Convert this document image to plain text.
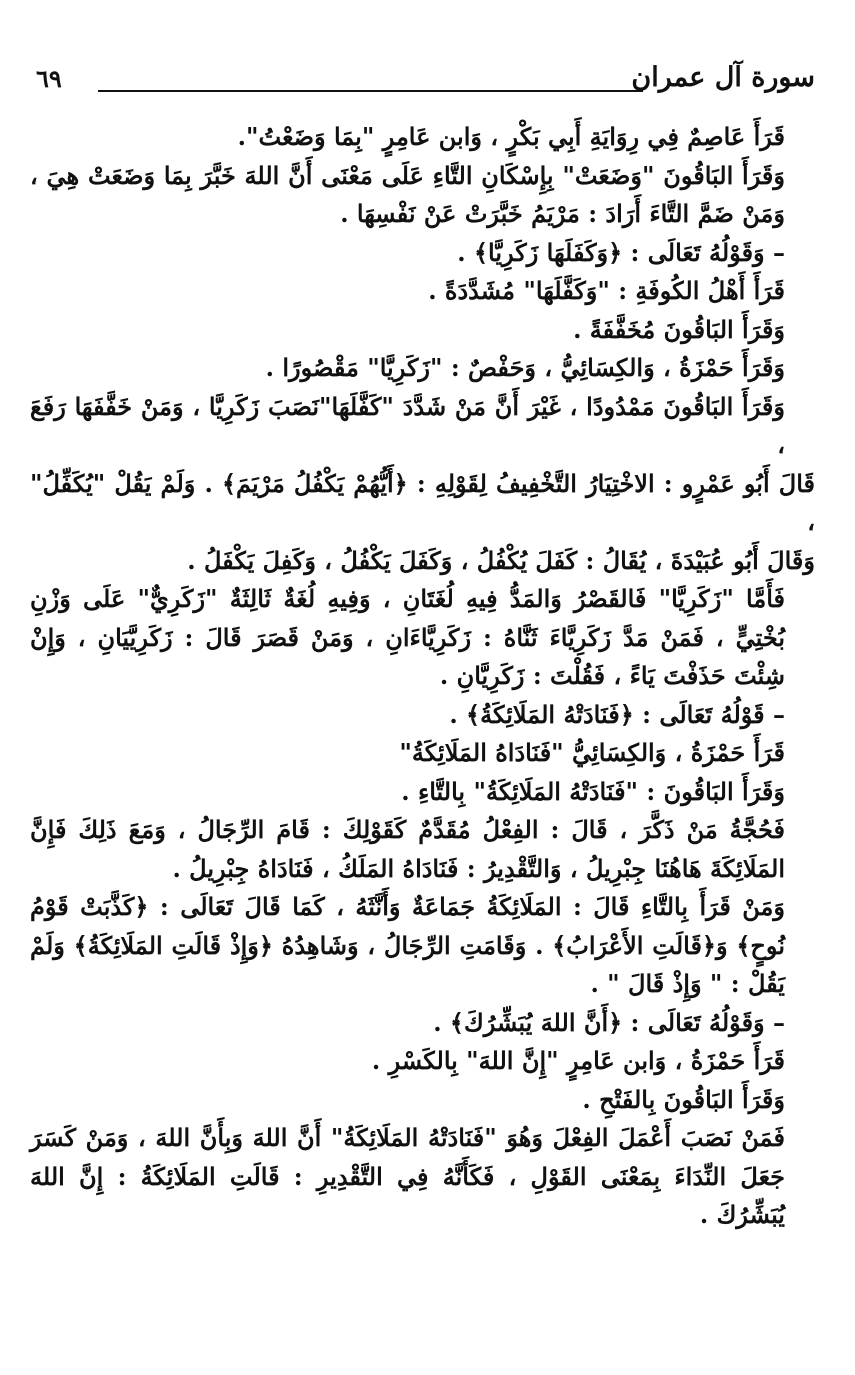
سورة آل عمران
٦٩

قَرَأَ عَاصِمٌ فِي رِوَايَةِ أَبِي بَكْرٍ ، وَابن عَامِرٍ "بِمَا وَضَعْتُ".

وَقَرَأَ البَاقُونَ "وَضَعَتْ" بِإِسْكَانِ التَّاءِ عَلَى مَعْنَى أَنَّ اللهَ خَبَّرَ بِمَا وَضَعَتْ هِيَ ، وَمَنْ ضَمَّ التَّاءَ أَرَادَ : مَرْيَمُ خَبَّرَتْ عَنْ نَفْسِهَا .

– وَقَوْلُهُ تَعَالَى : ﴿وَكَفَلَهَا زَكَرِيَّا﴾ .

قَرَأَ أَهْلُ الكُوفَةِ : "وَكَفَّلَهَا" مُشَدَّدَةً .

وَقَرَأَ البَاقُونَ مُخَفَّفَةً .

وَقَرَأَ حَمْزَةُ ، وَالكِسَائِيُّ ، وَحَفْصٌ : "زَكَرِيَّا" مَقْصُورًا .

وَقَرَأَ البَاقُونَ مَمْدُودًا ، غَيْرَ أَنَّ مَنْ شَدَّدَ "كَفَّلَهَا"نَصَبَ زَكَرِيَّا ، وَمَنْ خَفَّفَهَا رَفَعَ ،

قَالَ أَبُو عَمْرٍو : الاخْتِيَارُ التَّخْفِيفُ لِقَوْلِهِ : ﴿أَيُّهُمْ يَكْفُلُ مَرْيَمَ﴾ . وَلَمْ يَقُلْ "يُكَفِّلُ" ،

وَقَالَ أَبُو عُبَيْدَةَ ، يُقَالُ : كَفَلَ يُكْفُلُ ، وَكَفَلَ يَكْفُلُ ، وَكَفِلَ يَكْفَلُ .

فَأَمَّا "زَكَرِيَّا" فَالقَصْرُ وَالمَدُّ فِيهِ لُغَتَانِ ، وَفِيهِ لُغَةٌ ثَالِثَةٌ "زَكَرِيٌّ" عَلَى وَزْنِ بُخْتِيٍّ ، فَمَنْ مَدَّ زَكَرِيَّاءَ ثَنَّاهُ : زَكَرِيَّاءَانِ ، وَمَنْ قَصَرَ قَالَ : زَكَرِيَّيَانِ ، وَإِنْ شِئْتَ حَذَفْتَ يَاءً ، فَقُلْتَ : زَكَرِيَّانِ .

– قَوْلُهُ تَعَالَى : ﴿فَنَادَتْهُ المَلَائِكَةُ﴾ .

قَرَأَ حَمْزَةُ ، وَالكِسَائِيُّ "فَنَادَاهُ المَلَائِكَةُ"

وَقَرَأَ البَاقُونَ : "فَنَادَتْهُ المَلَائِكَةُ" بِالتَّاءِ .

فَحُجَّةُ مَنْ ذَكَّرَ ، قَالَ : الفِعْلُ مُقَدَّمٌ كَقَوْلِكَ : قَامَ الرِّجَالُ ، وَمَعَ ذَلِكَ فَإِنَّ المَلَائِكَةَ هَاهُنَا جِبْرِيلُ ، وَالتَّقْدِيرُ : فَنَادَاهُ المَلَكُ ، فَنَادَاهُ جِبْرِيلُ .

وَمَنْ قَرَأَ بِالتَّاءِ قَالَ : المَلَائِكَةُ جَمَاعَةٌ وَأَنَّثَهُ ، كَمَا قَالَ تَعَالَى : ﴿كَذَّبَتْ قَوْمُ نُوحٍ﴾ وَ﴿قَالَتِ الأَعْرَابُ﴾ . وَقَامَتِ الرِّجَالُ ، وَشَاهِدُهُ ﴿وَإِذْ قَالَتِ المَلَائِكَةُ﴾ وَلَمْ يَقُلْ : " وَإِذْ قَالَ " .

– وَقَوْلُهُ تَعَالَى : ﴿أَنَّ اللهَ يُبَشِّرُكَ﴾ .

قَرَأَ حَمْزَةُ ، وَابن عَامِرٍ "إِنَّ اللهَ" بِالكَسْرِ .

وَقَرَأَ البَاقُونَ بِالفَتْحِ .

فَمَنْ نَصَبَ أَعْمَلَ الفِعْلَ وَهُوَ "فَنَادَتْهُ المَلَائِكَةُ" أَنَّ اللهَ وَبِأَنَّ اللهَ ، وَمَنْ كَسَرَ جَعَلَ النِّدَاءَ بِمَعْنَى القَوْلِ ، فَكَأَنَّهُ فِي التَّقْدِيرِ : قَالَتِ المَلَائِكَةُ : إِنَّ اللهَ يُبَشِّرُكَ .
